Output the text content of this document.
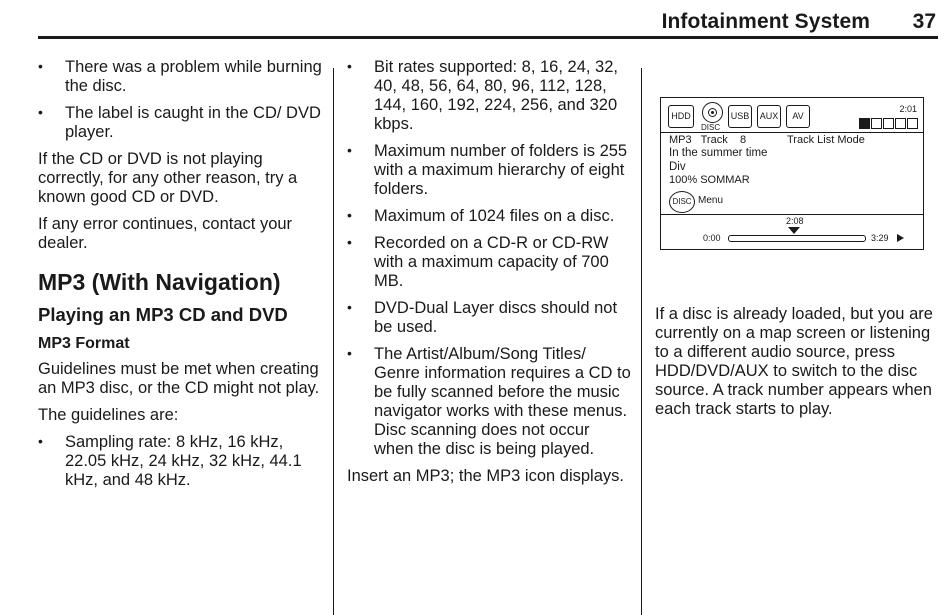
Infotainment System 37
• There was a problem while burning the disc.
• The label is caught in the CD/ DVD player.

If the CD or DVD is not playing correctly, for any other reason, try a known good CD or DVD.

If any error continues, contact your dealer.

MP3 (With Navigation)
Playing an MP3 CD and DVD
MP3 Format

Guidelines must be met when creating an MP3 disc, or the CD might not play.

The guidelines are:

• Sampling rate: 8 kHz, 16 kHz, 22.05 kHz, 24 kHz, 32 kHz, 44.1 kHz, and 48 kHz.
• Bit rates supported: 8, 16, 24, 32, 40, 48, 56, 64, 80, 96, 112, 128, 144, 160, 192, 224, 256, and 320 kbps.
• Maximum number of folders is 255 with a maximum hierarchy of eight folders.
• Maximum of 1024 files on a disc.
• Recorded on a CD-R or CD-RW with a maximum capacity of 700 MB.
• DVD-Dual Layer discs should not be used.
• The Artist/Album/Song Titles/ Genre information requires a CD to be fully scanned before the music navigator works with these menus. Disc scanning does not occur when the disc is being played.

Insert an MP3; the MP3 icon displays.

HDD
DISC
USB	AUX	AV
2:01
MP3 Track 8	Track List Mode
In the summer time
Div
100% SOMMAR
DISC Menu
2:08
0:00	3:29

If a disc is already loaded, but you are currently on a map screen or listening to a different audio source, press HDD/DVD/AUX to switch to the disc source. A track number appears when each track starts to play.
